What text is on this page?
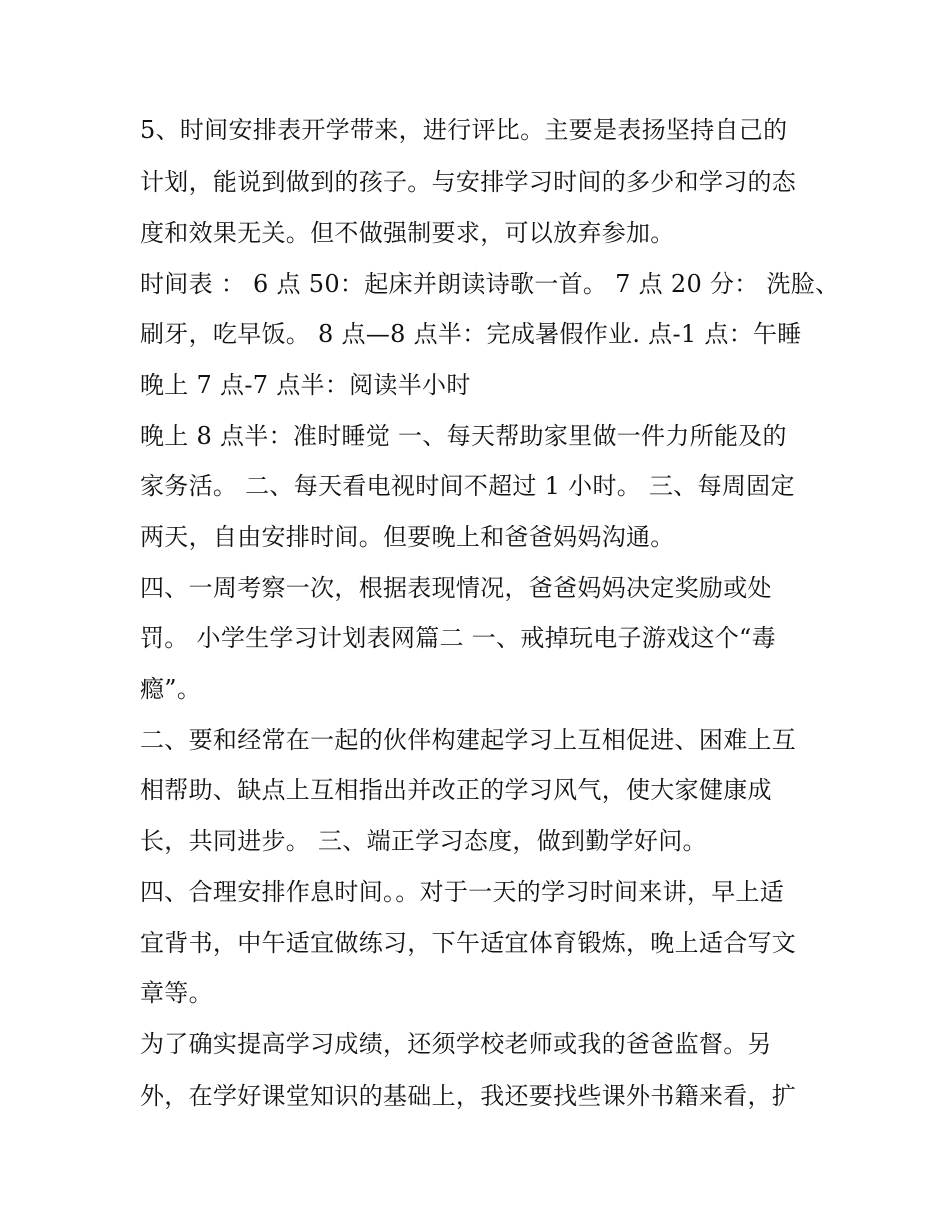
5、时间安排表开学带来，进行评比。主要是表扬坚持自己的
计划，能说到做到的孩子。与安排学习时间的多少和学习的态
度和效果无关。但不做强制要求，可以放弃参加。
时间表 ： 6 点 50：起床并朗读诗歌一首。 7 点 20 分： 洗脸、
刷牙，吃早饭。 8 点—8 点半：完成暑假作业. 点-1 点：午睡
晚上 7 点-7 点半：阅读半小时
晚上 8 点半：准时睡觉 一、每天帮助家里做一件力所能及的
家务活。 二、每天看电视时间不超过 1 小时。 三、每周固定
两天，自由安排时间。但要晚上和爸爸妈妈沟通。
四、一周考察一次，根据表现情况，爸爸妈妈决定奖励或处
罚。 小学生学习计划表网篇二 一、戒掉玩电子游戏这个“毒
瘾”。
二、要和经常在一起的伙伴构建起学习上互相促进、困难上互
相帮助、缺点上互相指出并改正的学习风气，使大家健康成
长，共同进步。 三、端正学习态度，做到勤学好问。
四、合理安排作息时间。。对于一天的学习时间来讲，早上适
宜背书，中午适宜做练习，下午适宜体育锻炼，晚上适合写文
章等。
为了确实提高学习成绩，还须学校老师或我的爸爸监督。另
外，在学好课堂知识的基础上，我还要找些课外书籍来看，扩
